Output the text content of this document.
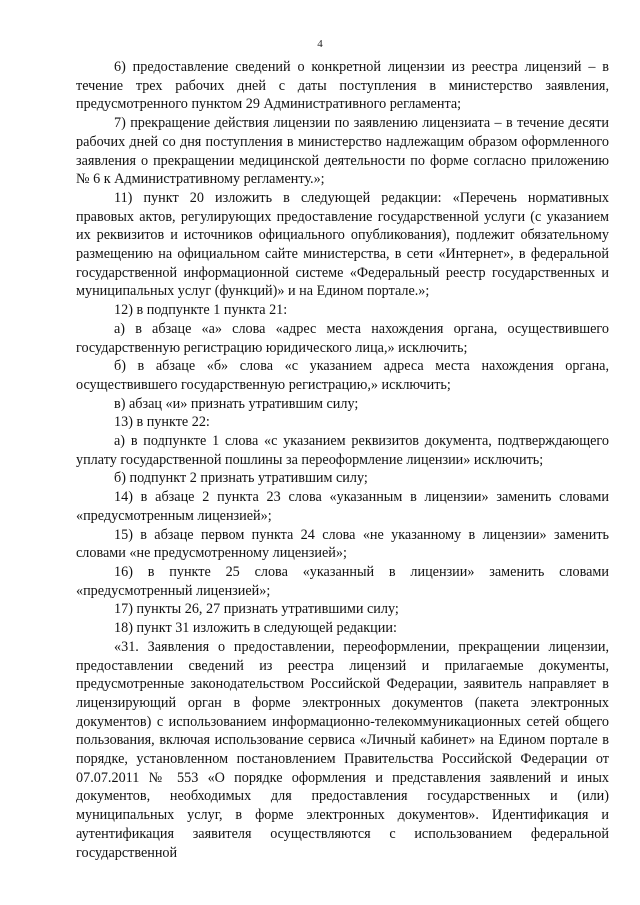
4

6) предоставление сведений о конкретной лицензии из реестра лицензий – в течение трех рабочих дней с даты поступления в министерство заявления, предусмотренного пунктом 29 Административного регламента;

7) прекращение действия лицензии по заявлению лицензиата – в течение десяти рабочих дней со дня поступления в министерство надлежащим образом оформленного заявления о прекращении медицинской деятельности по форме согласно приложению № 6 к Административному регламенту.»;

11) пункт 20 изложить в следующей редакции: «Перечень нормативных правовых актов, регулирующих предоставление государственной услуги (с указанием их реквизитов и источников официального опубликования), подлежит обязательному размещению на официальном сайте министерства, в сети «Интернет», в федеральной государственной информационной системе «Федеральный реестр государственных и муниципальных услуг (функций)» и на Едином портале.»;

12) в подпункте 1 пункта 21:

а) в абзаце «а» слова «адрес места нахождения органа, осуществившего государственную регистрацию юридического лица,» исключить;

б) в абзаце «б» слова «с указанием адреса места нахождения органа, осуществившего государственную регистрацию,» исключить;

в) абзац «и» признать утратившим силу;

13) в пункте 22:

а) в подпункте 1 слова «с указанием реквизитов документа, подтверждающего уплату государственной пошлины за переоформление лицензии» исключить;

б) подпункт 2 признать утратившим силу;

14) в абзаце 2 пункта 23 слова «указанным в лицензии» заменить словами «предусмотренным лицензией»;

15) в абзаце первом пункта 24 слова «не указанному в лицензии» заменить словами «не предусмотренному лицензией»;

16) в пункте 25 слова «указанный в лицензии» заменить словами «предусмотренный лицензией»;

17) пункты 26, 27 признать утратившими силу;

18) пункт 31 изложить в следующей редакции:

«31. Заявления о предоставлении, переоформлении, прекращении лицензии, предоставлении сведений из реестра лицензий и прилагаемые документы, предусмотренные законодательством Российской Федерации, заявитель направляет в лицензирующий орган в форме электронных документов (пакета электронных документов) с использованием информационно-телекоммуникационных сетей общего пользования, включая использование сервиса «Личный кабинет» на Едином портале в порядке, установленном постановлением Правительства Российской Федерации от 07.07.2011 № 553 «О порядке оформления и представления заявлений и иных документов, необходимых для предоставления государственных и (или) муниципальных услуг, в форме электронных документов». Идентификация и аутентификация заявителя осуществляются с использованием федеральной государственной
